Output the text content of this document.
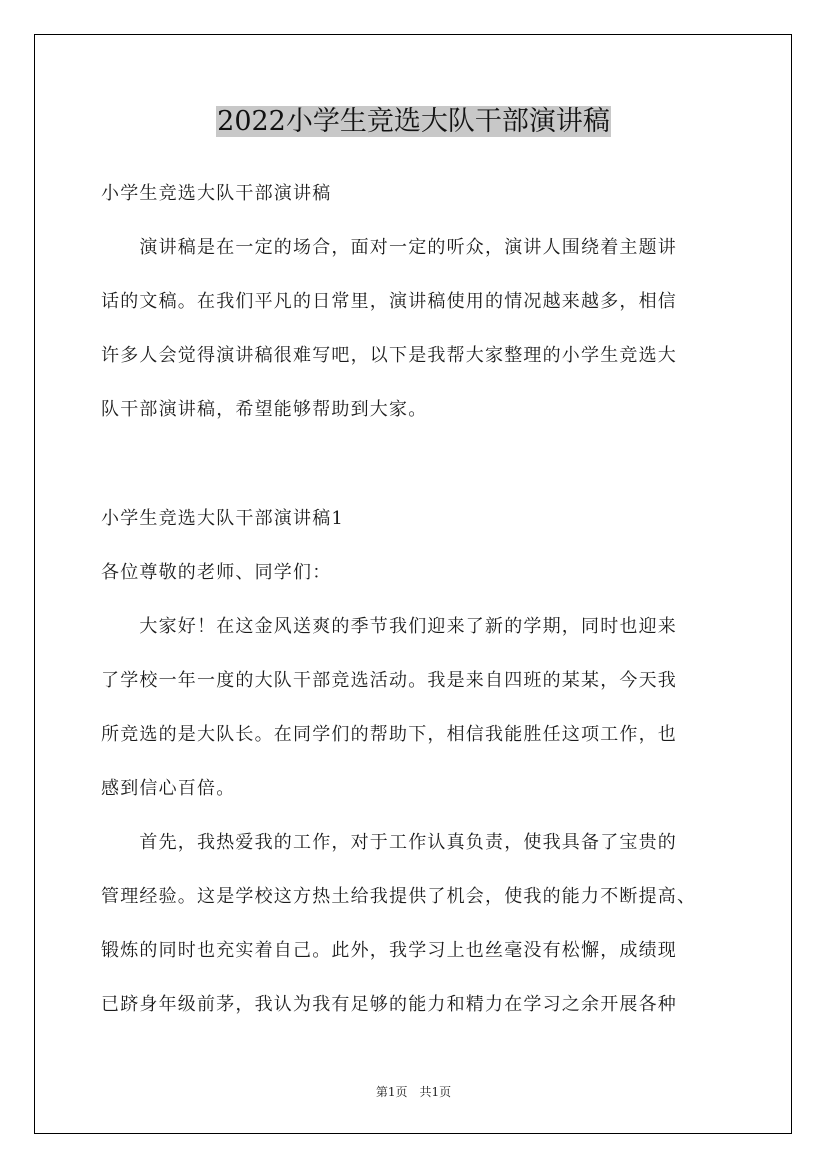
2022小学生竞选大队干部演讲稿
小学生竞选大队干部演讲稿
　　演讲稿是在一定的场合，面对一定的听众，演讲人围绕着主题讲
话的文稿。在我们平凡的日常里，演讲稿使用的情况越来越多，相信
许多人会觉得演讲稿很难写吧，以下是我帮大家整理的小学生竞选大
队干部演讲稿，希望能够帮助到大家。
小学生竞选大队干部演讲稿1
各位尊敬的老师、同学们：
　　大家好！在这金风送爽的季节我们迎来了新的学期，同时也迎来
了学校一年一度的大队干部竞选活动。我是来自四班的某某，今天我
所竞选的是大队长。在同学们的帮助下，相信我能胜任这项工作，也
感到信心百倍。
　　首先，我热爱我的工作，对于工作认真负责，使我具备了宝贵的
管理经验。这是学校这方热土给我提供了机会，使我的能力不断提高、
锻炼的同时也充实着自己。此外，我学习上也丝毫没有松懈，成绩现
已跻身年级前茅，我认为我有足够的能力和精力在学习之余开展各种
第1页　共1页
